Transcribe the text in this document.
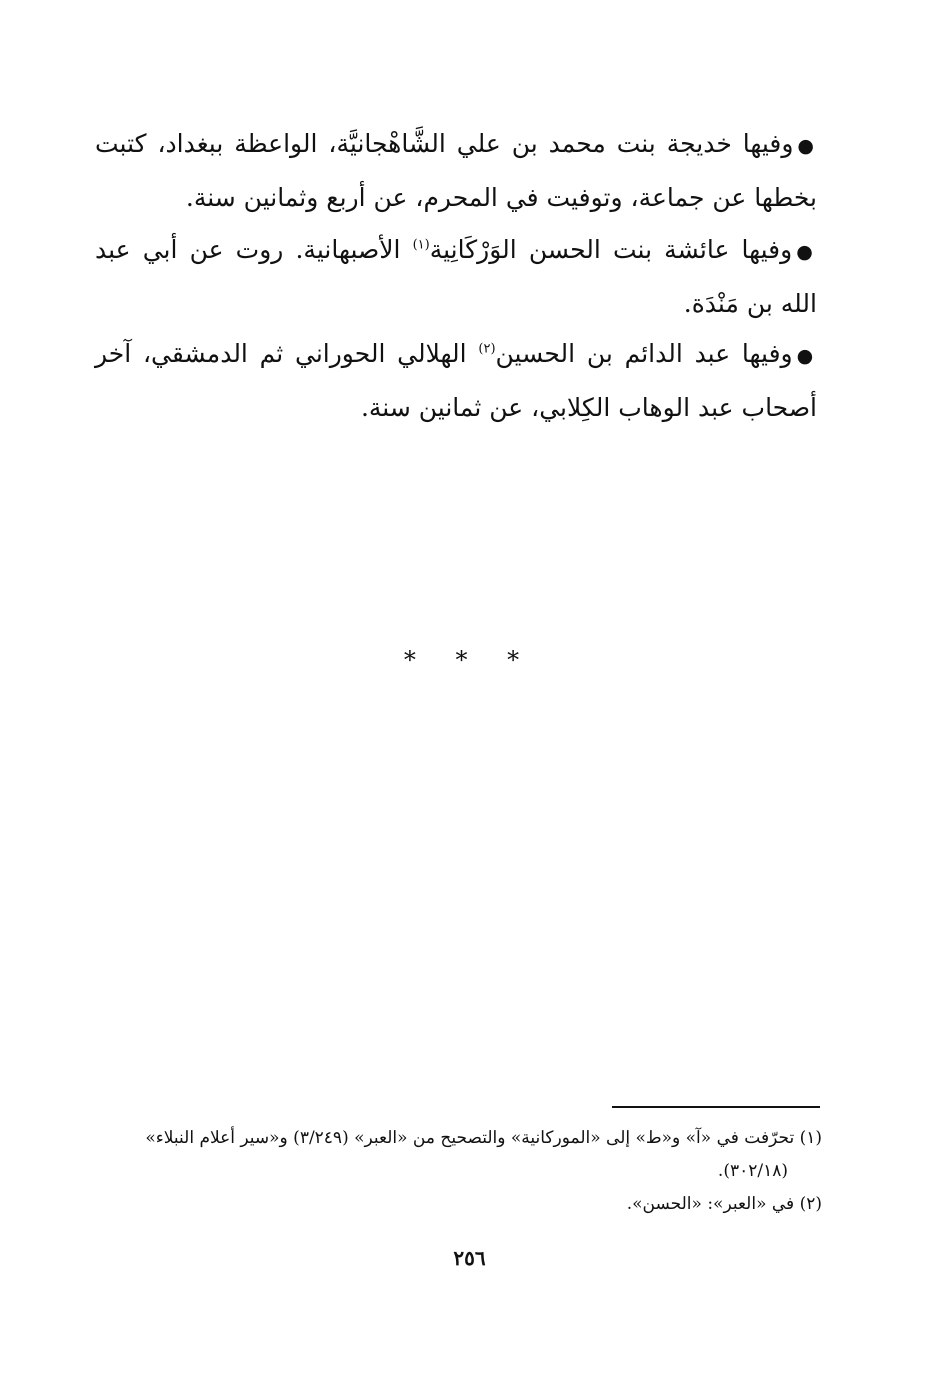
●وفيها خديجة بنت محمد بن علي الشَّاهْجانيَّة، الواعظة ببغداد، كتبت بخطها عن جماعة، وتوفيت في المحرم، عن أربع وثمانين سنة.

●وفيها عائشة بنت الحسن الوَرْكَانِية$^{(١)}$ الأصبهانية. روت عن أبي عبد الله بن مَنْدَة.

●وفيها عبد الدائم بن الحسين$^{(٢)}$ الهلالي الحوراني ثم الدمشقي، آخر أصحاب عبد الوهاب الكِلابي، عن ثمانين سنة.

* * *

(١) تحرّفت في «آ» و«ط» إلى «الموركانية» والتصحيح من «العبر» (٣/٢٤٩) و«سير أعلام النبلاء»

(٣٠٢/١٨).

(٢) في «العبر»: «الحسن».

٢٥٦
